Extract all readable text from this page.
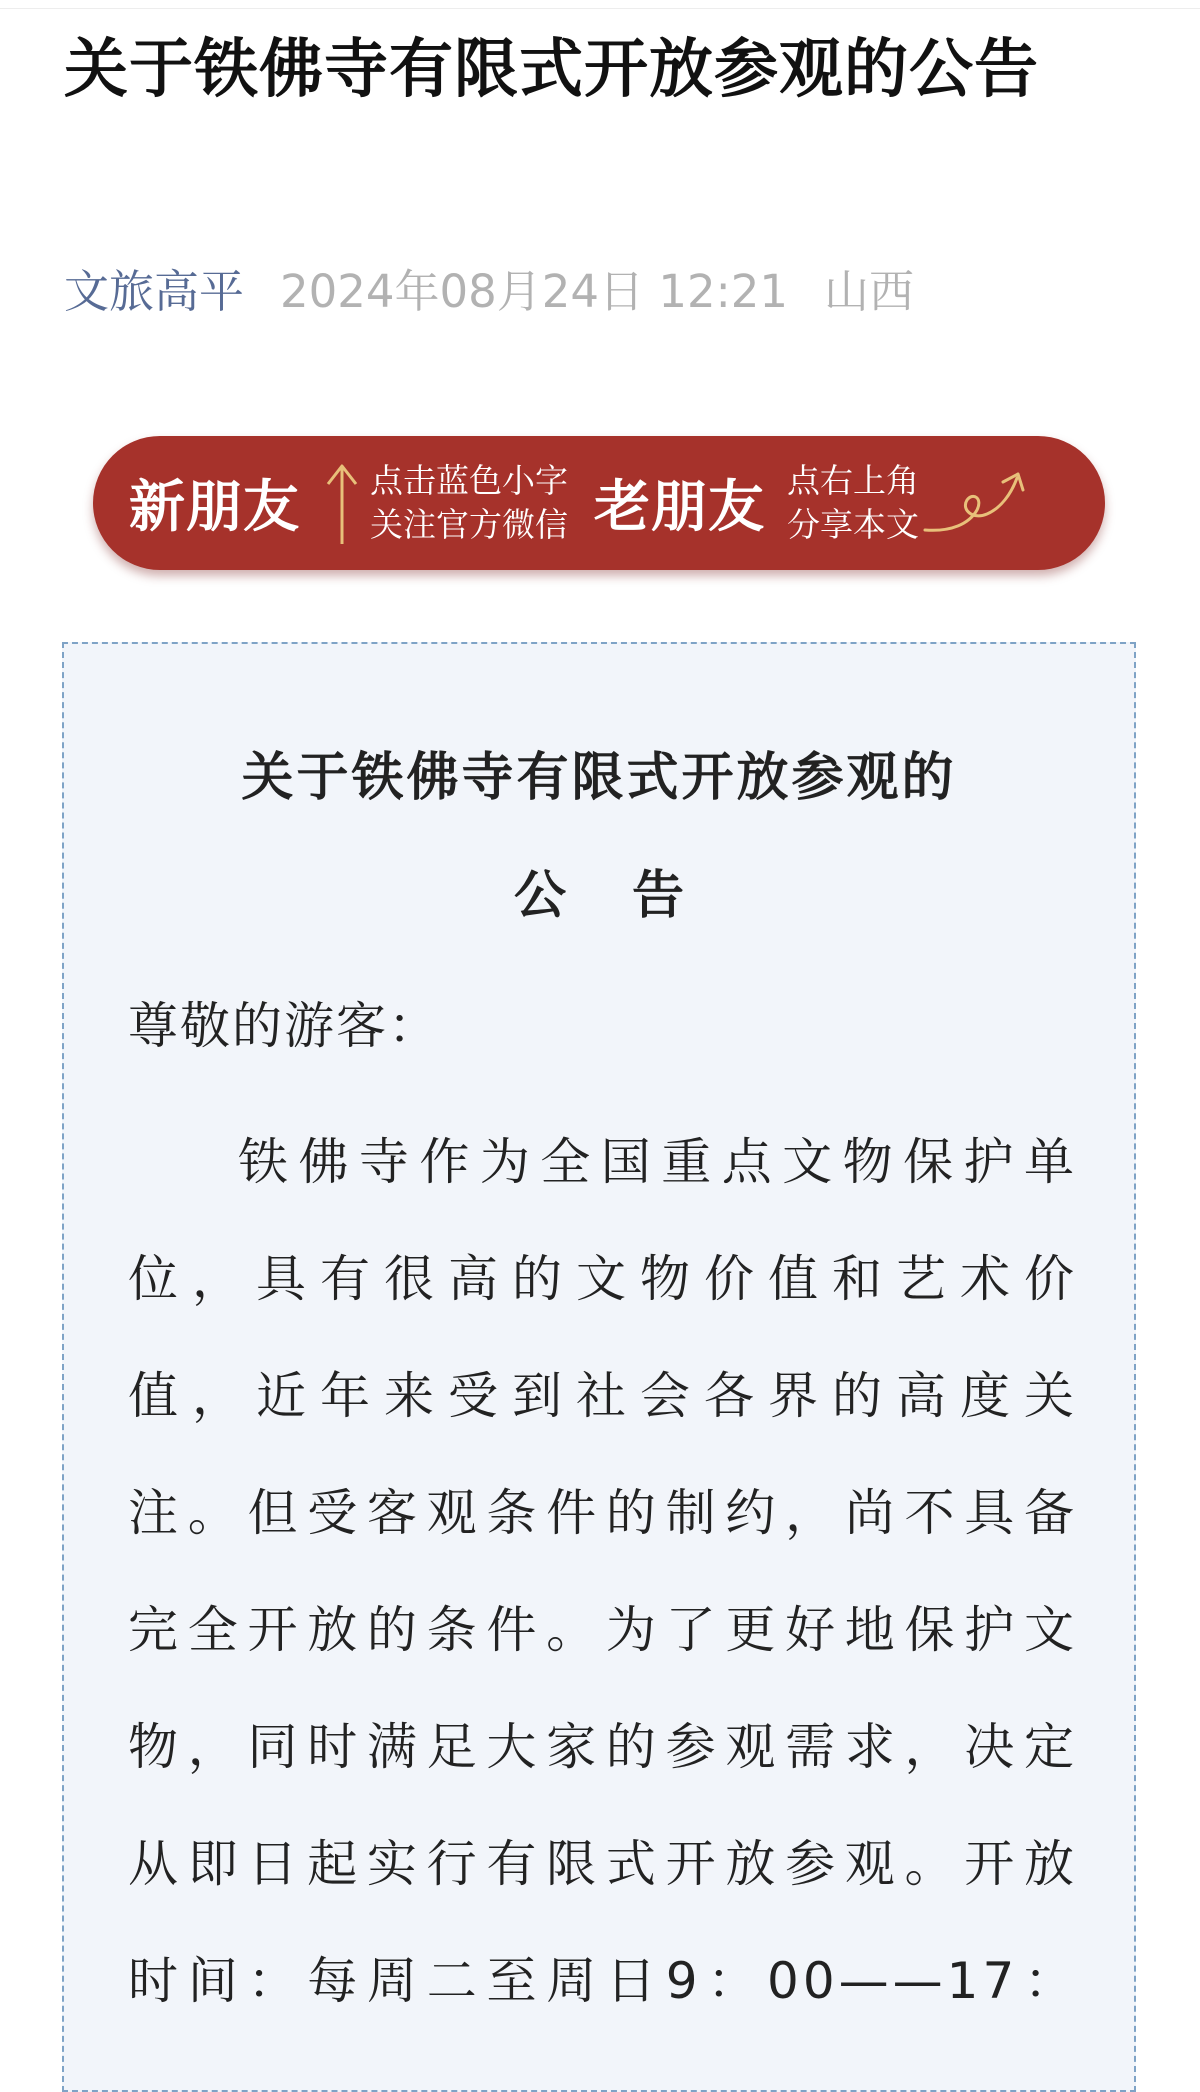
关于铁佛寺有限式开放参观的公告
文旅高平 2024年08月24日 12:21 山西
新朋友 点击蓝色小字
关注官方微信 老朋友 点右上角
分享本文
关于铁佛寺有限式开放参观的
公 告
尊敬的游客：
铁佛寺作为全国重点文物保护单
位，具有很高的文物价值和艺术价
值，近年来受到社会各界的高度关
注。但受客观条件的制约，尚不具备
完全开放的条件。为了更好地保护文
物，同时满足大家的参观需求，决定
从即日起实行有限式开放参观。开放
时间：每周二至周日9：00——17：
